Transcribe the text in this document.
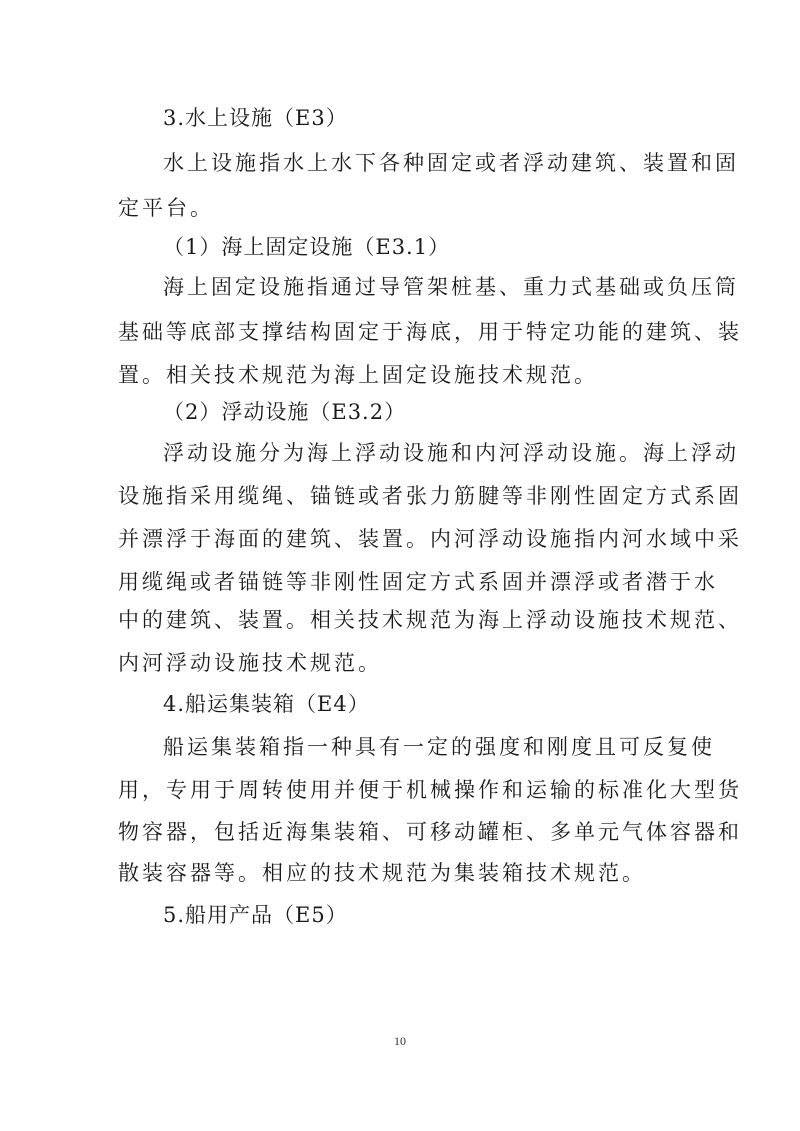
3.水上设施（E3）
水上设施指水上水下各种固定或者浮动建筑、装置和固
定平台。
（1）海上固定设施（E3.1）
海上固定设施指通过导管架桩基、重力式基础或负压筒
基础等底部支撑结构固定于海底，用于特定功能的建筑、装
置。相关技术规范为海上固定设施技术规范。
（2）浮动设施（E3.2）
浮动设施分为海上浮动设施和内河浮动设施。海上浮动
设施指采用缆绳、锚链或者张力筋腱等非刚性固定方式系固
并漂浮于海面的建筑、装置。内河浮动设施指内河水域中采
用缆绳或者锚链等非刚性固定方式系固并漂浮或者潜于水
中的建筑、装置。相关技术规范为海上浮动设施技术规范、
内河浮动设施技术规范。
4.船运集装箱（E4）
船运集装箱指一种具有一定的强度和刚度且可反复使
用，专用于周转使用并便于机械操作和运输的标准化大型货
物容器，包括近海集装箱、可移动罐柜、多单元气体容器和
散装容器等。相应的技术规范为集装箱技术规范。
5.船用产品（E5）
10
